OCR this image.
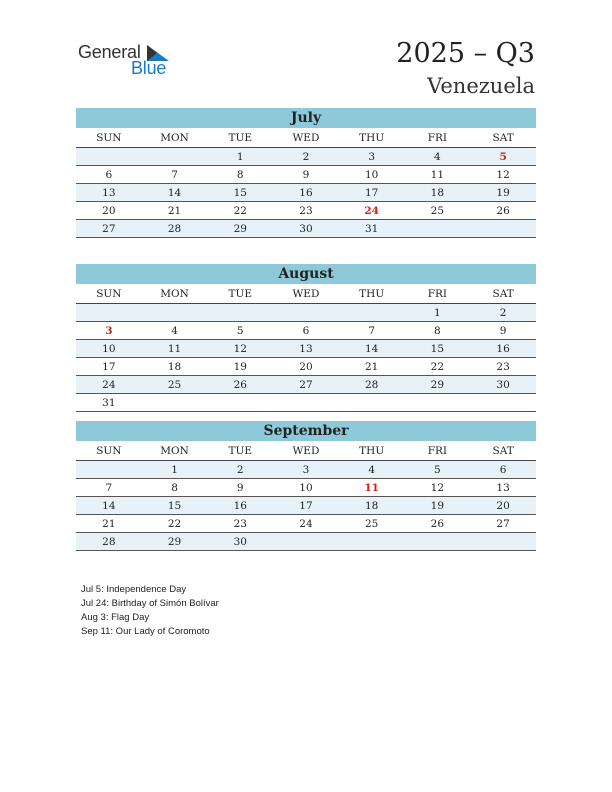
General
Blue	2025 – Q3
Venezuela
July
SUN	MON	TUE	WED	THU	FRI	SAT
		1	2	3	4	5
6	7	8	9	10	11	12
13	14	15	16	17	18	19
20	21	22	23	24	25	26
27	28	29	30	31		
August
SUN	MON	TUE	WED	THU	FRI	SAT
					1	2
3	4	5	6	7	8	9
10	11	12	13	14	15	16
17	18	19	20	21	22	23
24	25	26	27	28	29	30
31						
September
SUN	MON	TUE	WED	THU	FRI	SAT
	1	2	3	4	5	6
7	8	9	10	11	12	13
14	15	16	17	18	19	20
21	22	23	24	25	26	27
28	29	30				
Jul 5: Independence Day
Jul 24: Birthday of Simón Bolívar
Aug 3: Flag Day
Sep 11: Our Lady of Coromoto
